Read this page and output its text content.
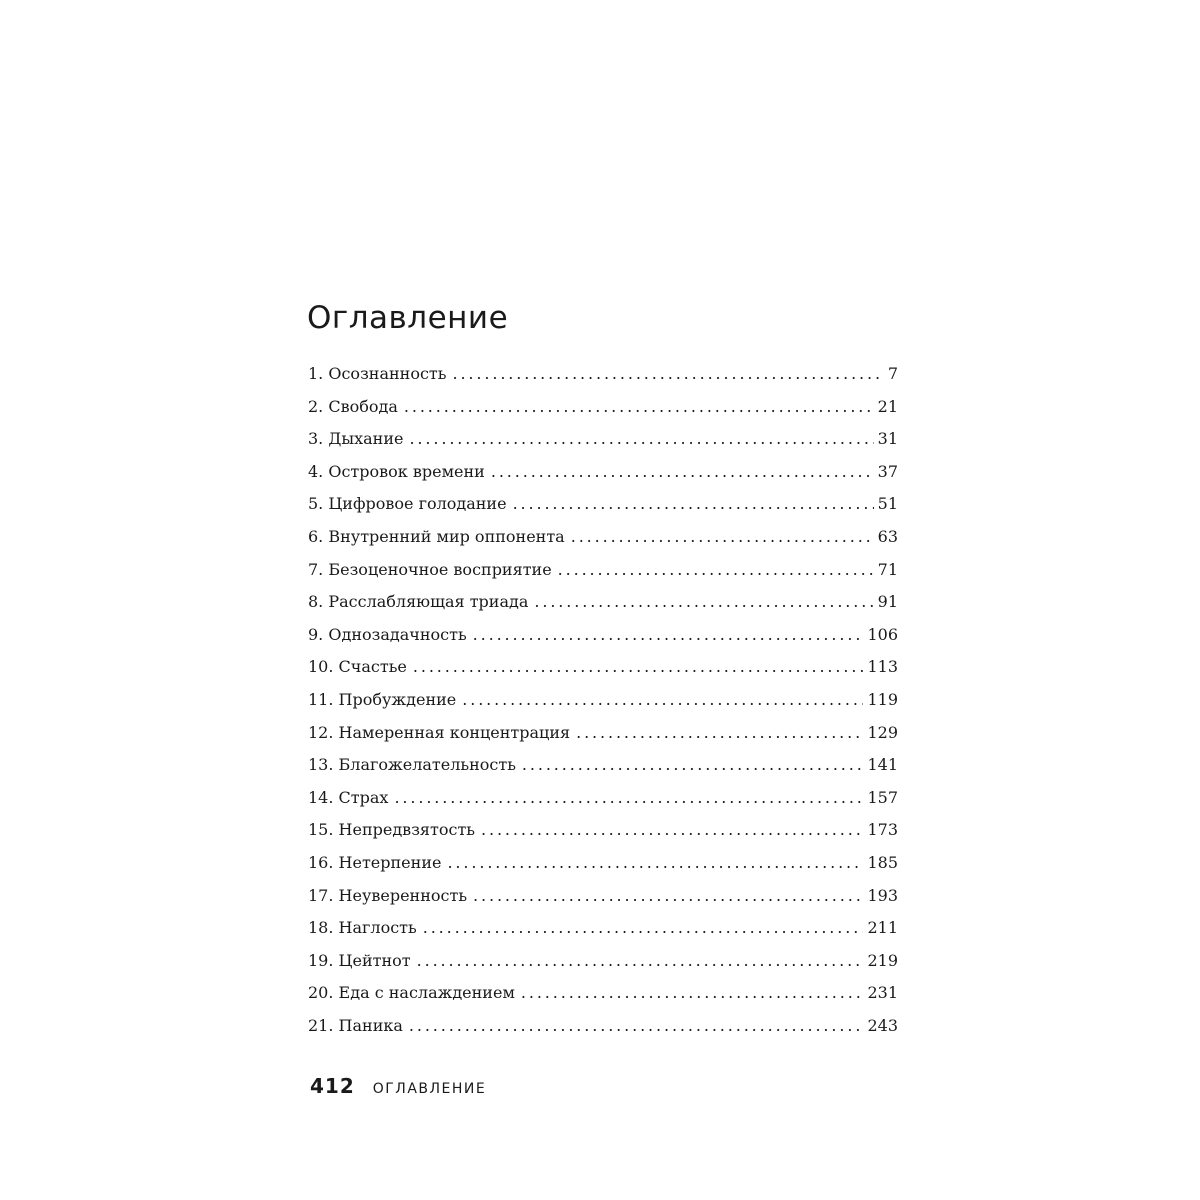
Оглавление
1. Осознанность . . .	7
2. Свобода . . .	21
3. Дыхание . . .	31
4. Островок времени . . .	37
5. Цифровое голодание . . .	51
6. Внутренний мир оппонента . . .	63
7. Безоценочное восприятие . . .	71
8. Расслабляющая триада . . .	91
9. Однозадачность . . .	106
10. Счастье . . .	113
11. Пробуждение . . .	119
12. Намеренная концентрация . . .	129
13. Благожелательность . . .	141
14. Страх . . .	157
15. Непредвзятость . . .	173
16. Нетерпение . . .	185
17. Неуверенность . . .	193
18. Наглость . . .	211
19. Цейтнот . . .	219
20. Еда с наслаждением . . .	231
21. Паника . . .	243
412 ОГЛАВЛЕНИЕ
